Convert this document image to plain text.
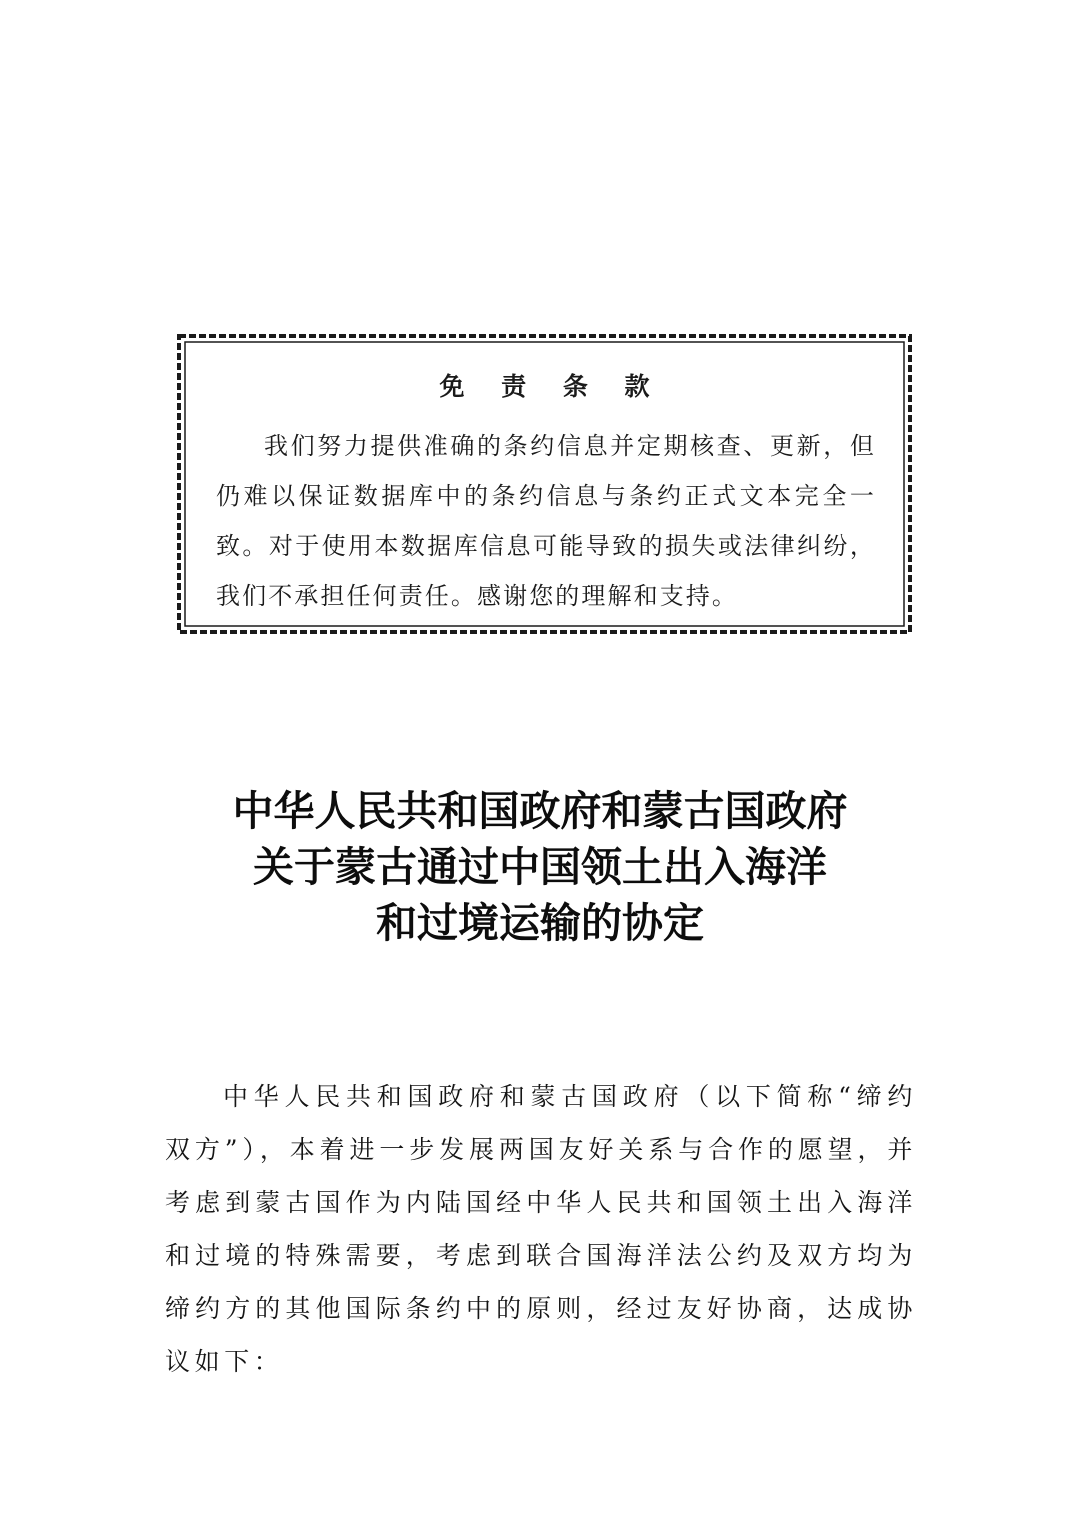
免 责 条 款

我们努力提供准确的条约信息并定期核查、更新，但仍难以保证数据库中的条约信息与条约正式文本完全一致。对于使用本数据库信息可能导致的损失或法律纠纷，我们不承担任何责任。感谢您的理解和支持。

中华人民共和国政府和蒙古国政府
关于蒙古通过中国领土出入海洋
和过境运输的协定

中华人民共和国政府和蒙古国政府（以下简称“缔约双方”），本着进一步发展两国友好关系与合作的愿望，并考虑到蒙古国作为内陆国经中华人民共和国领土出入海洋和过境的特殊需要，考虑到联合国海洋法公约及双方均为缔约方的其他国际条约中的原则，经过友好协商，达成协议如下：
